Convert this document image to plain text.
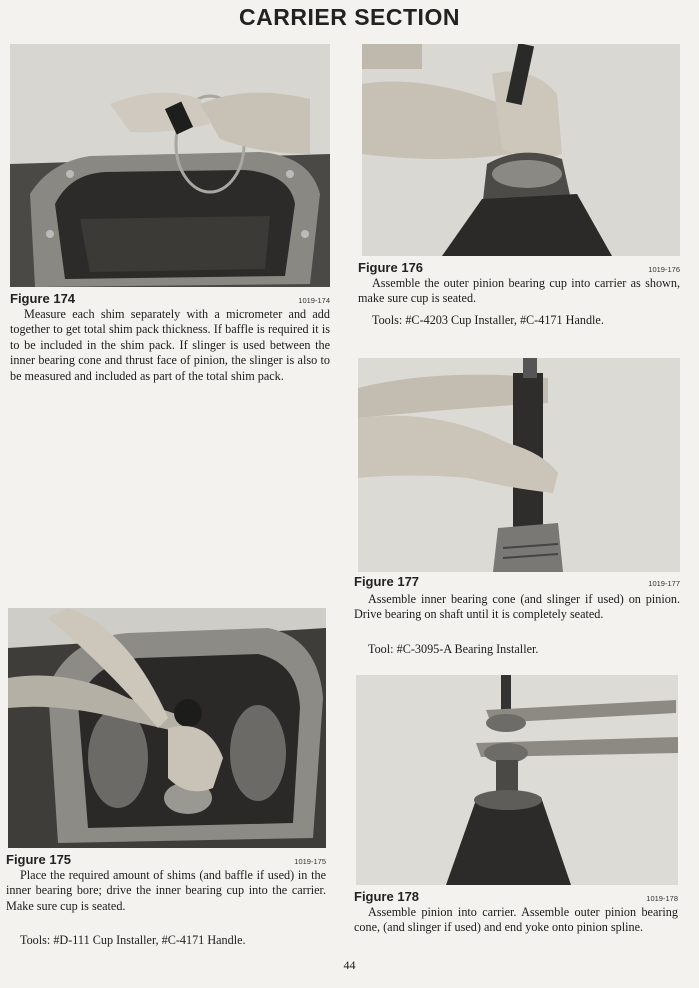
CARRIER SECTION
Figure 174	1019-174

Measure each shim separately with a micrometer and add together to get total shim pack thickness. If baffle is required it is to be included in the shim pack. If slinger is used between the inner bearing cone and thrust face of pinion, the slinger is also to be measured and included as part of the total shim pack.

Figure 175	1019-175

Place the required amount of shims (and baffle if used) in the inner bearing bore; drive the inner bearing cup into the carrier. Make sure cup is seated.

Tools: #D-111 Cup Installer, #C-4171 Handle.

Figure 176	1019-176

Assemble the outer pinion bearing cup into carrier as shown, make sure cup is seated.

Tools: #C-4203 Cup Installer, #C-4171 Handle.

Figure 177	1019-177

Assemble inner bearing cone (and slinger if used) on pinion. Drive bearing on shaft until it is completely seated.

Tool: #C-3095-A Bearing Installer.

Figure 178	1019-178

Assemble pinion into carrier. Assemble outer pinion bearing cone, (and slinger if used) and end yoke onto pinion spline.

44
